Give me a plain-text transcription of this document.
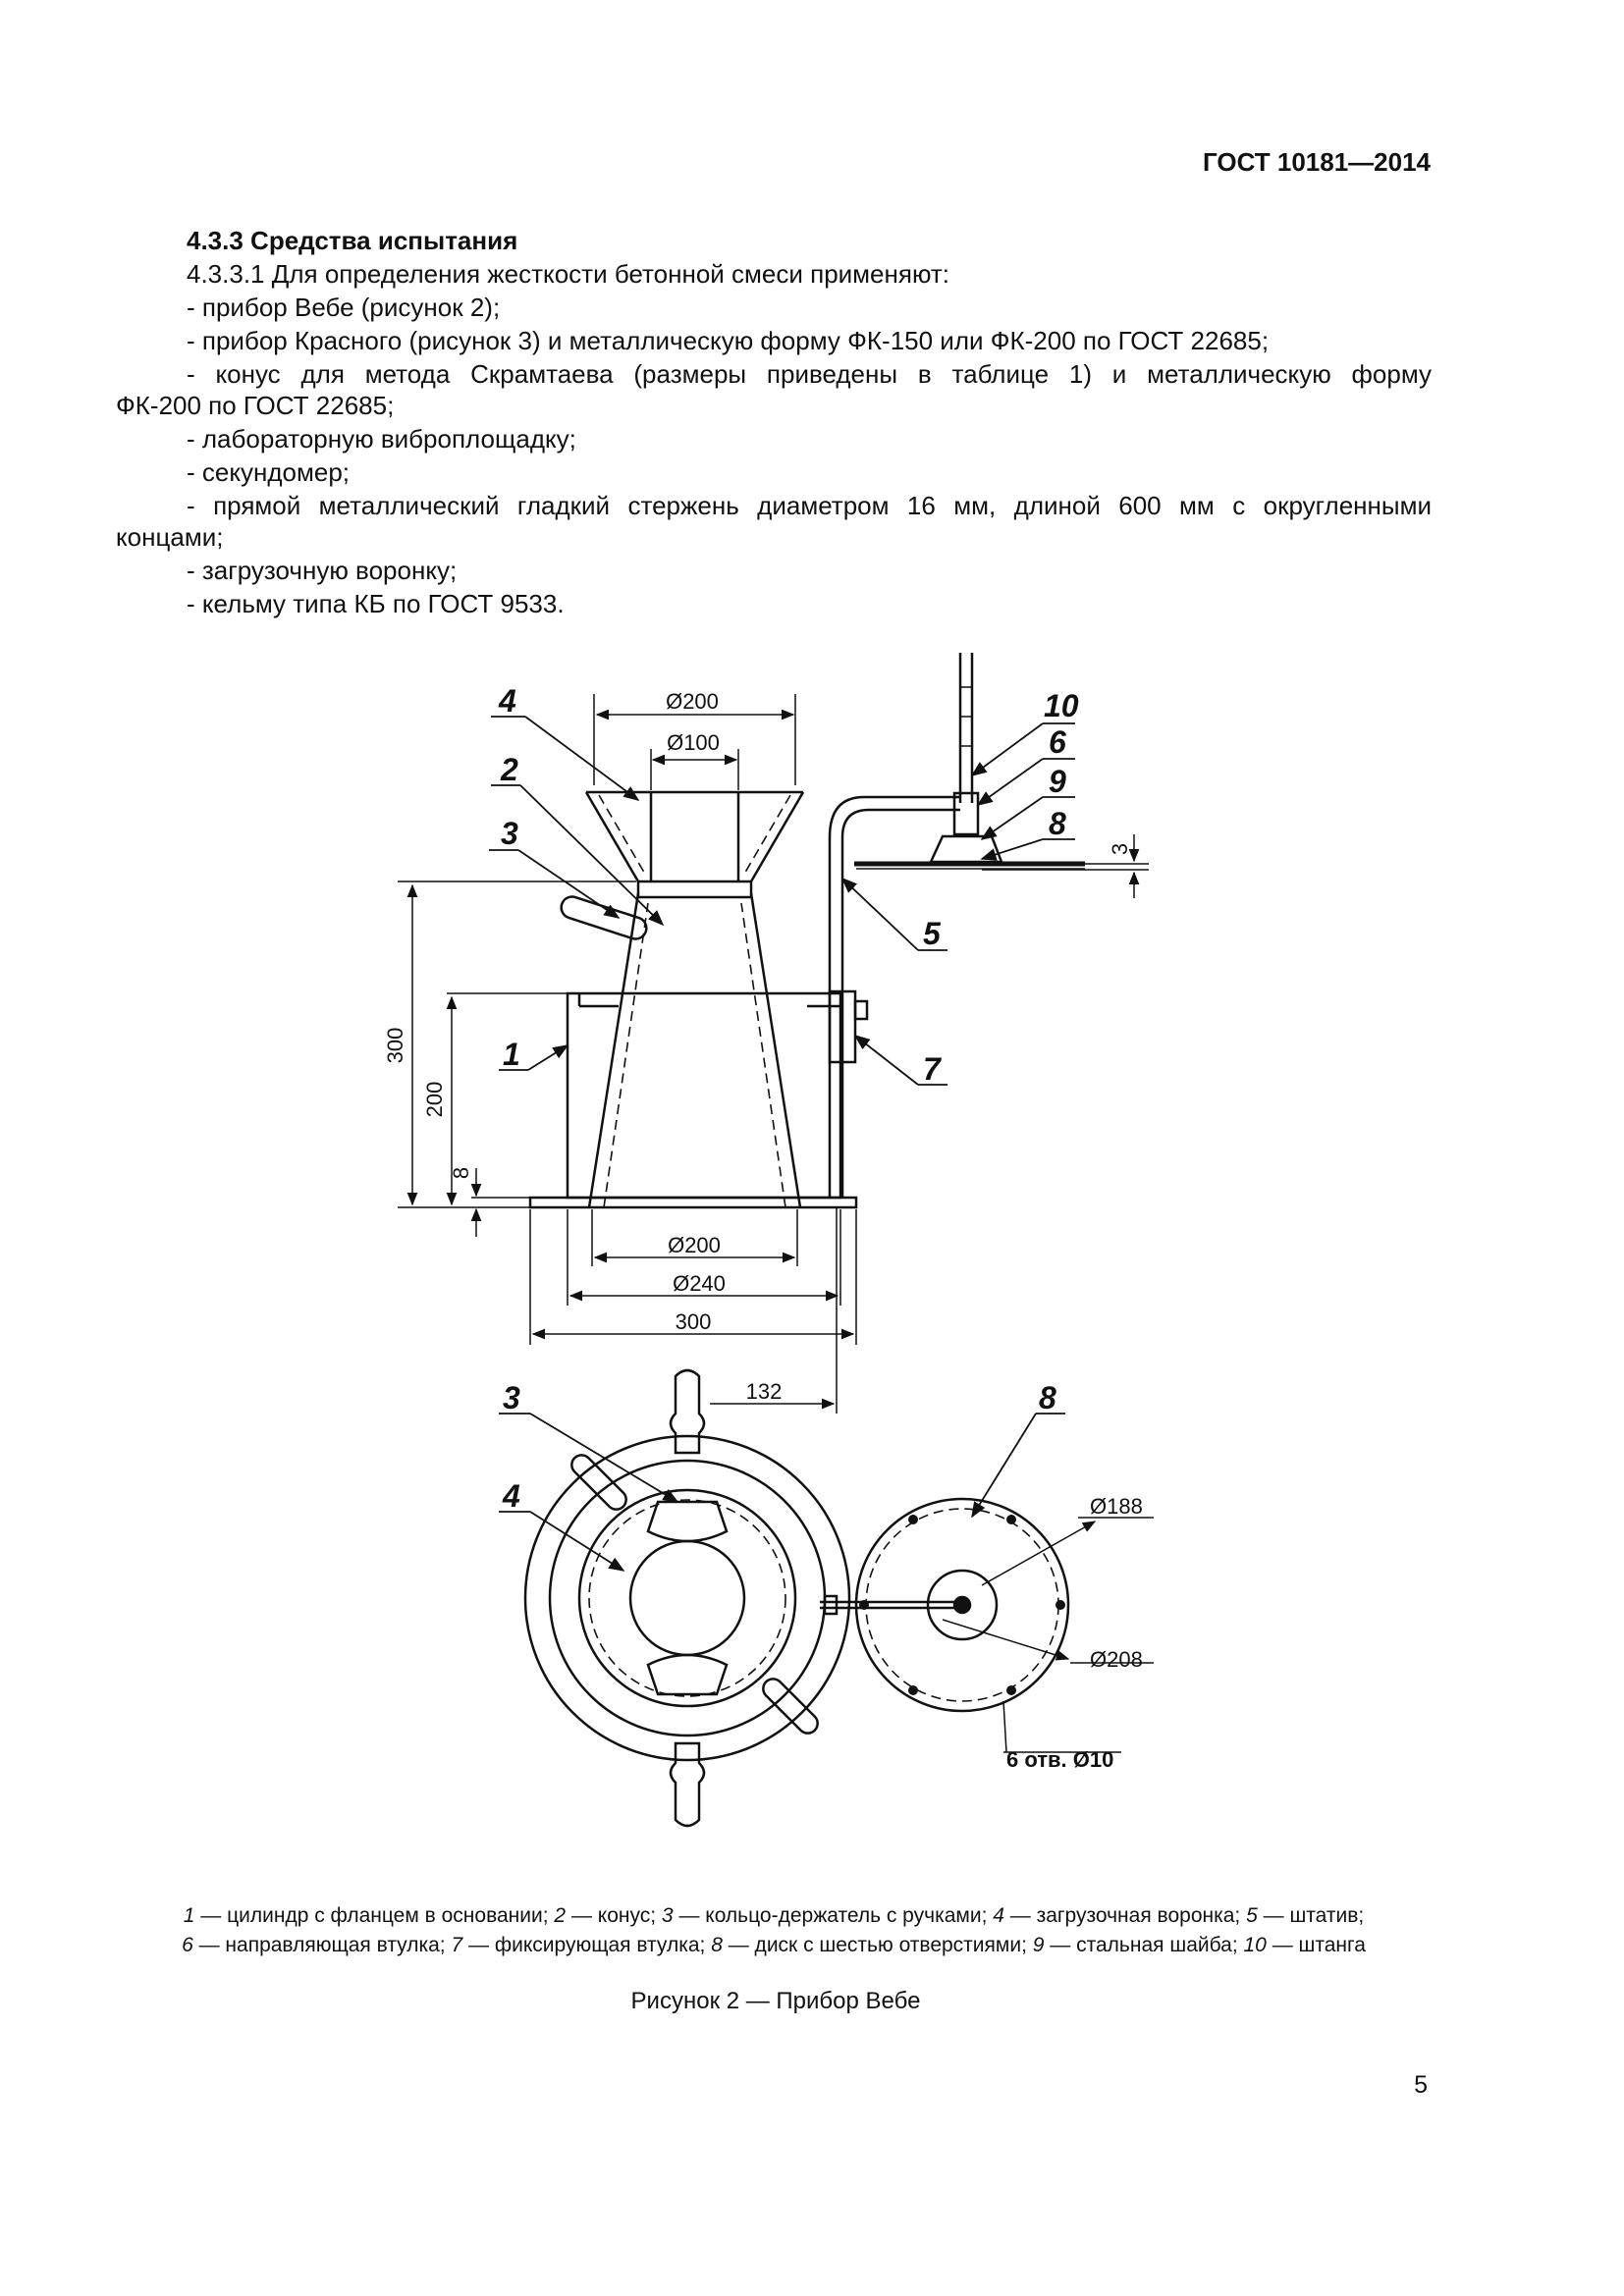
ГОСТ 10181—2014
4.3.3 Средства испытания
4.3.3.1 Для определения жесткости бетонной смеси применяют:
- прибор Вебе (рисунок 2);
- прибор Красного (рисунок 3) и металлическую форму ФК-150 или ФК-200 по ГОСТ 22685;
- конус для метода Скрамтаева (размеры приведены в таблице 1) и металлическую форму
ФК-200 по ГОСТ 22685;
- лабораторную виброплощадку;
- секундомер;
- прямой металлический гладкий стержень диаметром 16 мм, длиной 600 мм с округленными
концами;
- загрузочную воронку;
- кельму типа КБ по ГОСТ 9533.
Ø200
Ø100
300
200
8
Ø200
Ø240
300
132
3
Ø188
Ø208
6 отв. Ø10
4
2
3
1
5
7
10
6
9
8
3
4
8
1 — цилиндр с фланцем в основании; 2 — конус; 3 — кольцо-держатель с ручками; 4 — загрузочная воронка; 5 — штатив;
6 — направляющая втулка; 7 — фиксирующая втулка; 8 — диск с шестью отверстиями; 9 — стальная шайба; 10 — штанга
Рисунок 2 — Прибор Вебе
5
